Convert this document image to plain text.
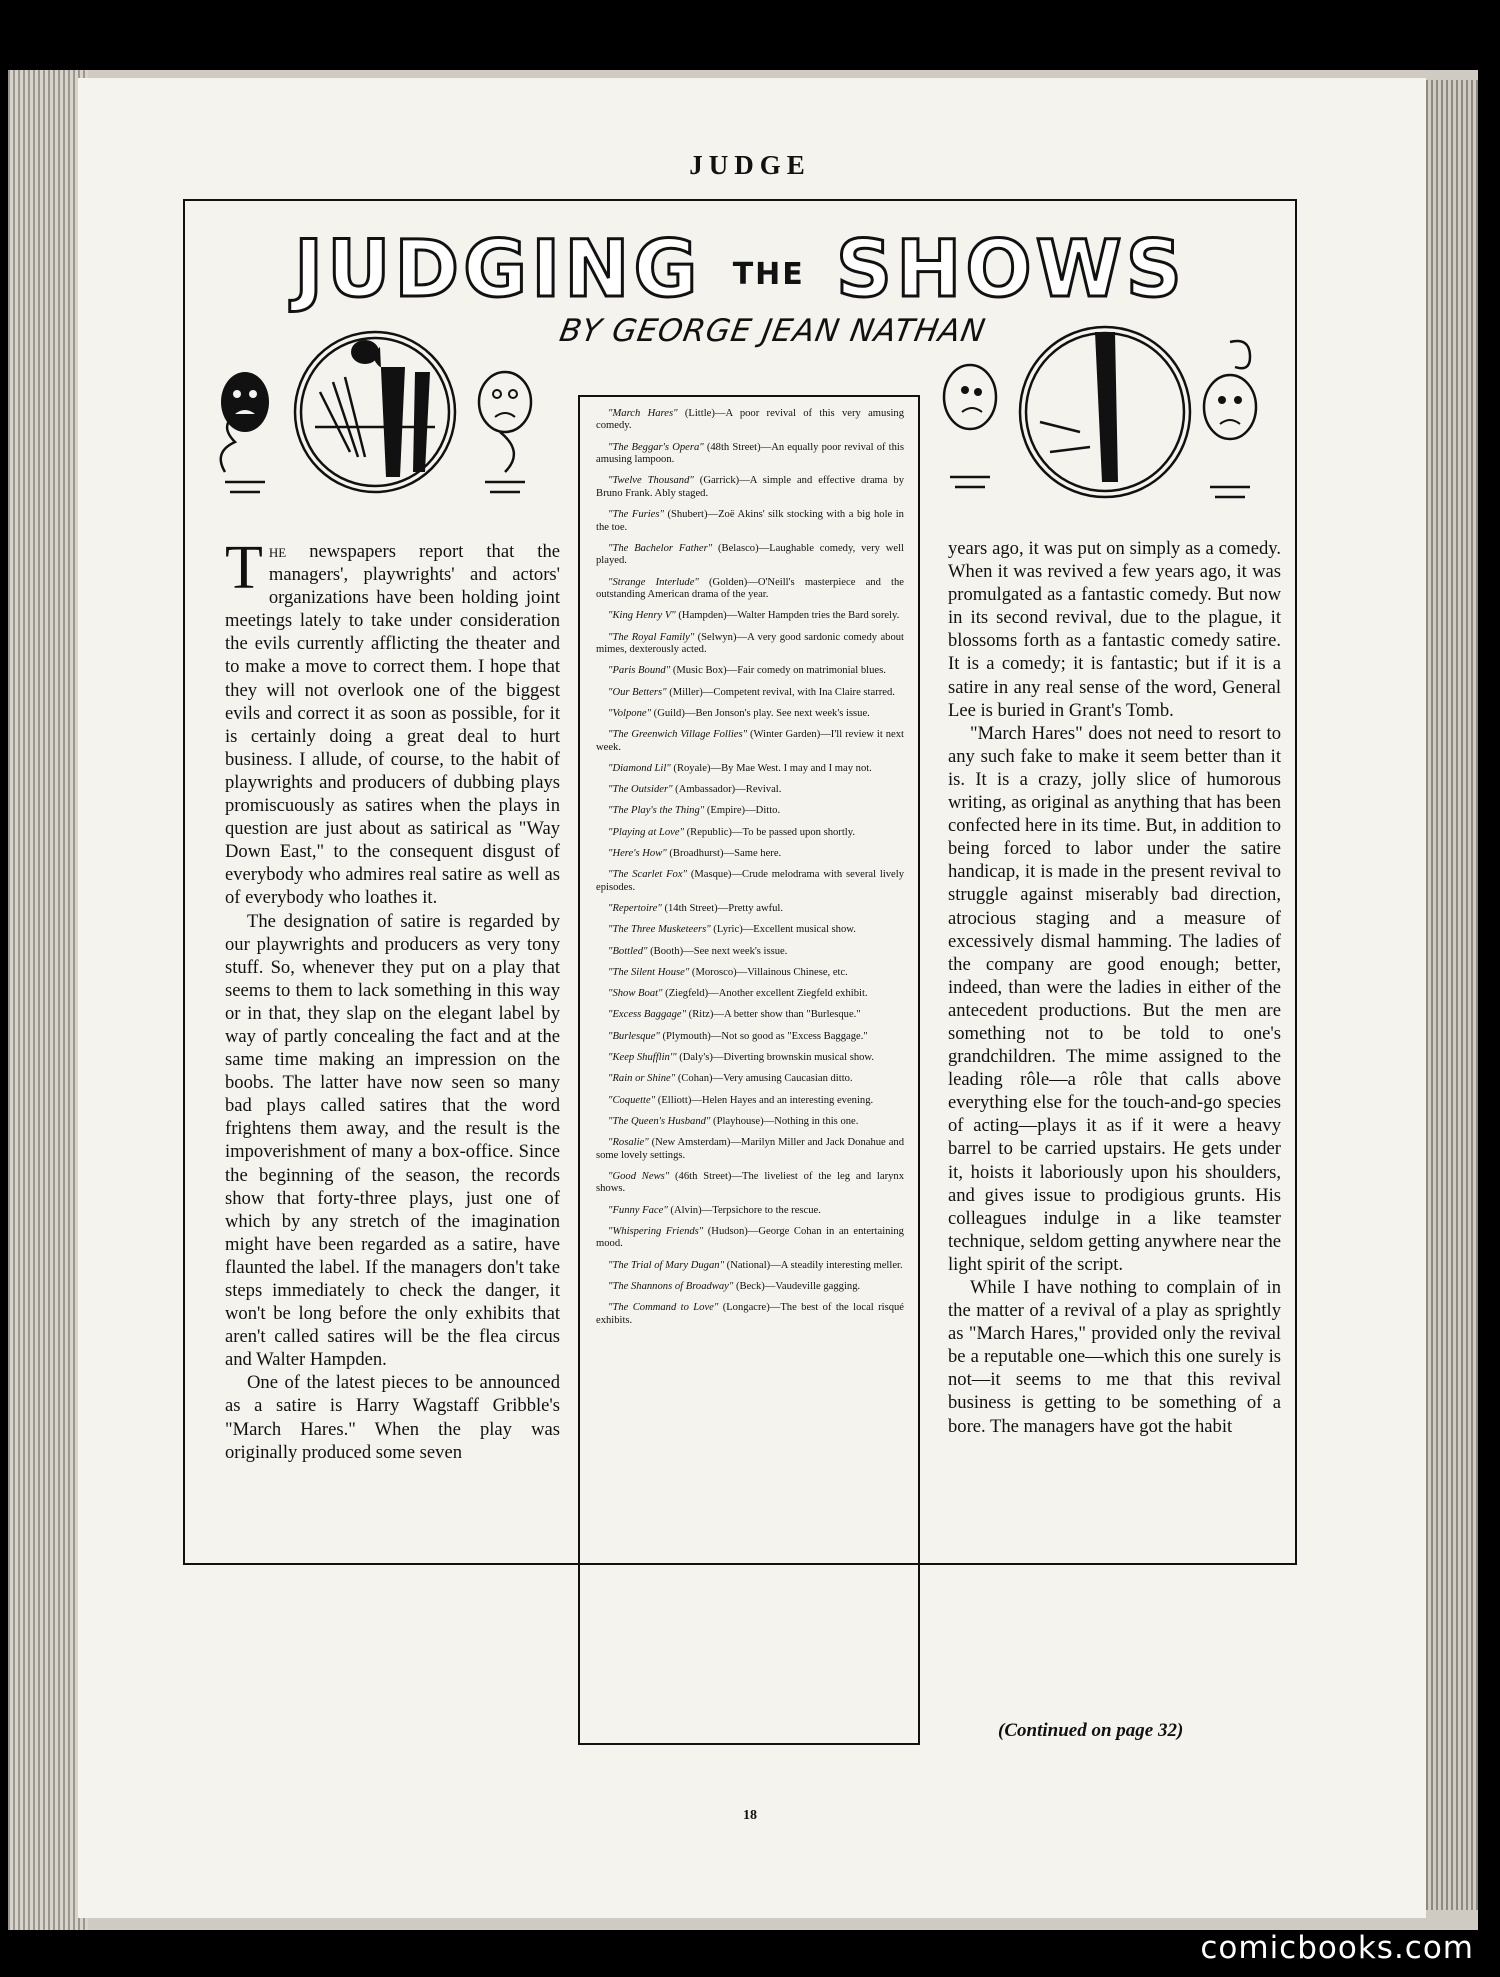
JUDGE
JUDGING THE SHOWS
BY GEORGE JEAN NATHAN

The newspapers report that the managers', playwrights' and actors' organizations have been holding joint meetings lately to take under consideration the evils currently afflicting the theater and to make a move to correct them. I hope that they will not overlook one of the biggest evils and correct it as soon as possible, for it is certainly doing a great deal to hurt business. I allude, of course, to the habit of playwrights and producers of dubbing plays promiscuously as satires when the plays in question are just about as satirical as "Way Down East," to the consequent disgust of everybody who admires real satire as well as of everybody who loathes it.

The designation of satire is regarded by our playwrights and producers as very tony stuff. So, whenever they put on a play that seems to them to lack something in this way or in that, they slap on the elegant label by way of partly concealing the fact and at the same time making an impression on the boobs. The latter have now seen so many bad plays called satires that the word frightens them away, and the result is the impoverishment of many a box-office. Since the beginning of the season, the records show that forty-three plays, just one of which by any stretch of the imagination might have been regarded as a satire, have flaunted the label. If the managers don't take steps immediately to check the danger, it won't be long before the only exhibits that aren't called satires will be the flea circus and Walter Hampden.

One of the latest pieces to be announced as a satire is Harry Wagstaff Gribble's "March Hares." When the play was originally produced some seven

"March Hares" (Little)—A poor revival of this very amusing comedy.

"The Beggar's Opera" (48th Street)—An equally poor revival of this amusing lampoon.

"Twelve Thousand" (Garrick)—A simple and effective drama by Bruno Frank. Ably staged.

"The Furies" (Shubert)—Zoë Akins' silk stocking with a big hole in the toe.

"The Bachelor Father" (Belasco)—Laughable comedy, very well played.

"Strange Interlude" (Golden)—O'Neill's masterpiece and the outstanding American drama of the year.

"King Henry V" (Hampden)—Walter Hampden tries the Bard sorely.

"The Royal Family" (Selwyn)—A very good sardonic comedy about mimes, dexterously acted.

"Paris Bound" (Music Box)—Fair comedy on matrimonial blues.

"Our Betters" (Miller)—Competent revival, with Ina Claire starred.

"Volpone" (Guild)—Ben Jonson's play. See next week's issue.

"The Greenwich Village Follies" (Winter Garden)—I'll review it next week.

"Diamond Lil" (Royale)—By Mae West. I may and I may not.

"The Outsider" (Ambassador)—Revival.

"The Play's the Thing" (Empire)—Ditto.

"Playing at Love" (Republic)—To be passed upon shortly.

"Here's How" (Broadhurst)—Same here.

"The Scarlet Fox" (Masque)—Crude melodrama with several lively episodes.

"Repertoire" (14th Street)—Pretty awful.

"The Three Musketeers" (Lyric)—Excellent musical show.

"Bottled" (Booth)—See next week's issue.

"The Silent House" (Morosco)—Villainous Chinese, etc.

"Show Boat" (Ziegfeld)—Another excellent Ziegfeld exhibit.

"Excess Baggage" (Ritz)—A better show than "Burlesque."

"Burlesque" (Plymouth)—Not so good as "Excess Baggage."

"Keep Shufflin'" (Daly's)—Diverting brownskin musical show.

"Rain or Shine" (Cohan)—Very amusing Caucasian ditto.

"Coquette" (Elliott)—Helen Hayes and an interesting evening.

"The Queen's Husband" (Playhouse)—Nothing in this one.

"Rosalie" (New Amsterdam)—Marilyn Miller and Jack Donahue and some lovely settings.

"Good News" (46th Street)—The liveliest of the leg and larynx shows.

"Funny Face" (Alvin)—Terpsichore to the rescue.

"Whispering Friends" (Hudson)—George Cohan in an entertaining mood.

"The Trial of Mary Dugan" (National)—A steadily interesting meller.

"The Shannons of Broadway" (Beck)—Vaudeville gagging.

"The Command to Love" (Longacre)—The best of the local risqué exhibits.

years ago, it was put on simply as a comedy. When it was revived a few years ago, it was promulgated as a fantastic comedy. But now in its second revival, due to the plague, it blossoms forth as a fantastic comedy satire. It is a comedy; it is fantastic; but if it is a satire in any real sense of the word, General Lee is buried in Grant's Tomb.

"March Hares" does not need to resort to any such fake to make it seem better than it is. It is a crazy, jolly slice of humorous writing, as original as anything that has been confected here in its time. But, in addition to being forced to labor under the satire handicap, it is made in the present revival to struggle against miserably bad direction, atrocious staging and a measure of excessively dismal hamming. The ladies of the company are good enough; better, indeed, than were the ladies in either of the antecedent productions. But the men are something not to be told to one's grandchildren. The mime assigned to the leading rôle—a rôle that calls above everything else for the touch-and-go species of acting—plays it as if it were a heavy barrel to be carried upstairs. He gets under it, hoists it laboriously upon his shoulders, and gives issue to prodigious grunts. His colleagues indulge in a like teamster technique, seldom getting anywhere near the light spirit of the script.

While I have nothing to complain of in the matter of a revival of a play as sprightly as "March Hares," provided only the revival be a reputable one—which this one surely is not—it seems to me that this revival business is getting to be something of a bore. The managers have got the habit

(Continued on page 32)
18
comicbooks.com
